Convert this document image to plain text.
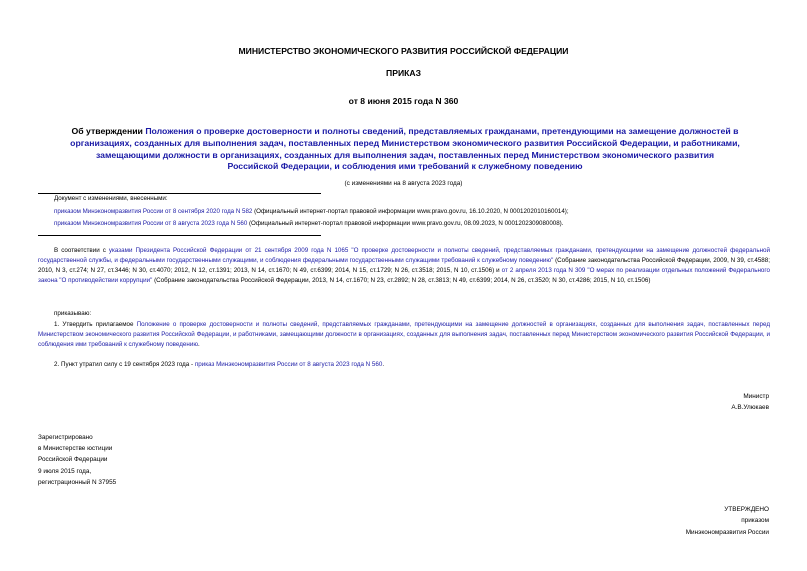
МИНИСТЕРСТВО ЭКОНОМИЧЕСКОГО РАЗВИТИЯ РОССИЙСКОЙ ФЕДЕРАЦИИ
ПРИКАЗ
от 8 июня 2015 года N 360
Об утверждении Положения о проверке достоверности и полноты сведений, представляемых гражданами, претендующими на замещение должностей в организациях, созданных для выполнения задач, поставленных перед Министерством экономического развития Российской Федерации, и работниками, замещающими должности в организациях, созданных для выполнения задач, поставленных перед Министерством экономического развития Российской Федерации, и соблюдения ими требований к служебному поведению
(с изменениями на 8 августа 2023 года)
Документ с изменениями, внесенными:
приказом Минэкономразвития России от 8 сентября 2020 года N 582 (Официальный интернет-портал правовой информации www.pravo.gov.ru, 16.10.2020, N 0001202010160014);
приказом Минэкономразвития России от 8 августа 2023 года N 560 (Официальный интернет-портал правовой информации www.pravo.gov.ru, 08.09.2023, N 0001202309080008).
В соответствии с указами Президента Российской Федерации от 21 сентября 2009 года N 1065 "О проверке достоверности и полноты сведений, представляемых гражданами, претендующими на замещение должностей федеральной государственной службы, и федеральными государственными служащими, и соблюдения федеральными государственными служащими требований к служебному поведению" (Собрание законодательства Российской Федерации, 2009, N 39, ст.4588; 2010, N 3, ст.274; N 27, ст.3446; N 30, ст.4070; 2012, N 12, ст.1391; 2013, N 14, ст.1670; N 49, ст.6399; 2014, N 15, ст.1729; N 26, ст.3518; 2015, N 10, ст.1506) и от 2 апреля 2013 года N 309 "О мерах по реализации отдельных положений Федерального закона "О противодействии коррупции" (Собрание законодательства Российской Федерации, 2013, N 14, ст.1670; N 23, ст.2892; N 28, ст.3813; N 49, ст.6399; 2014, N 26, ст.3520; N 30, ст.4286; 2015, N 10, ст.1506)
приказываю:
1. Утвердить прилагаемое Положение о проверке достоверности и полноты сведений, представляемых гражданами, претендующими на замещение должностей в организациях, созданных для выполнения задач, поставленных перед Министерством экономического развития Российской Федерации, и работниками, замещающими должности в организациях, созданных для выполнения задач, поставленных перед Министерством экономического развития Российской Федерации, и соблюдения ими требований к служебному поведению.
2. Пункт утратил силу с 19 сентября 2023 года - приказ Минэкономразвития России от 8 августа 2023 года N 560.
Министр
А.В.Улюкаев
Зарегистрировано
в Министерстве юстиции
Российской Федерации
9 июля 2015 года,
регистрационный N 37955
УТВЕРЖДЕНО
приказом
Минэкономразвития России
